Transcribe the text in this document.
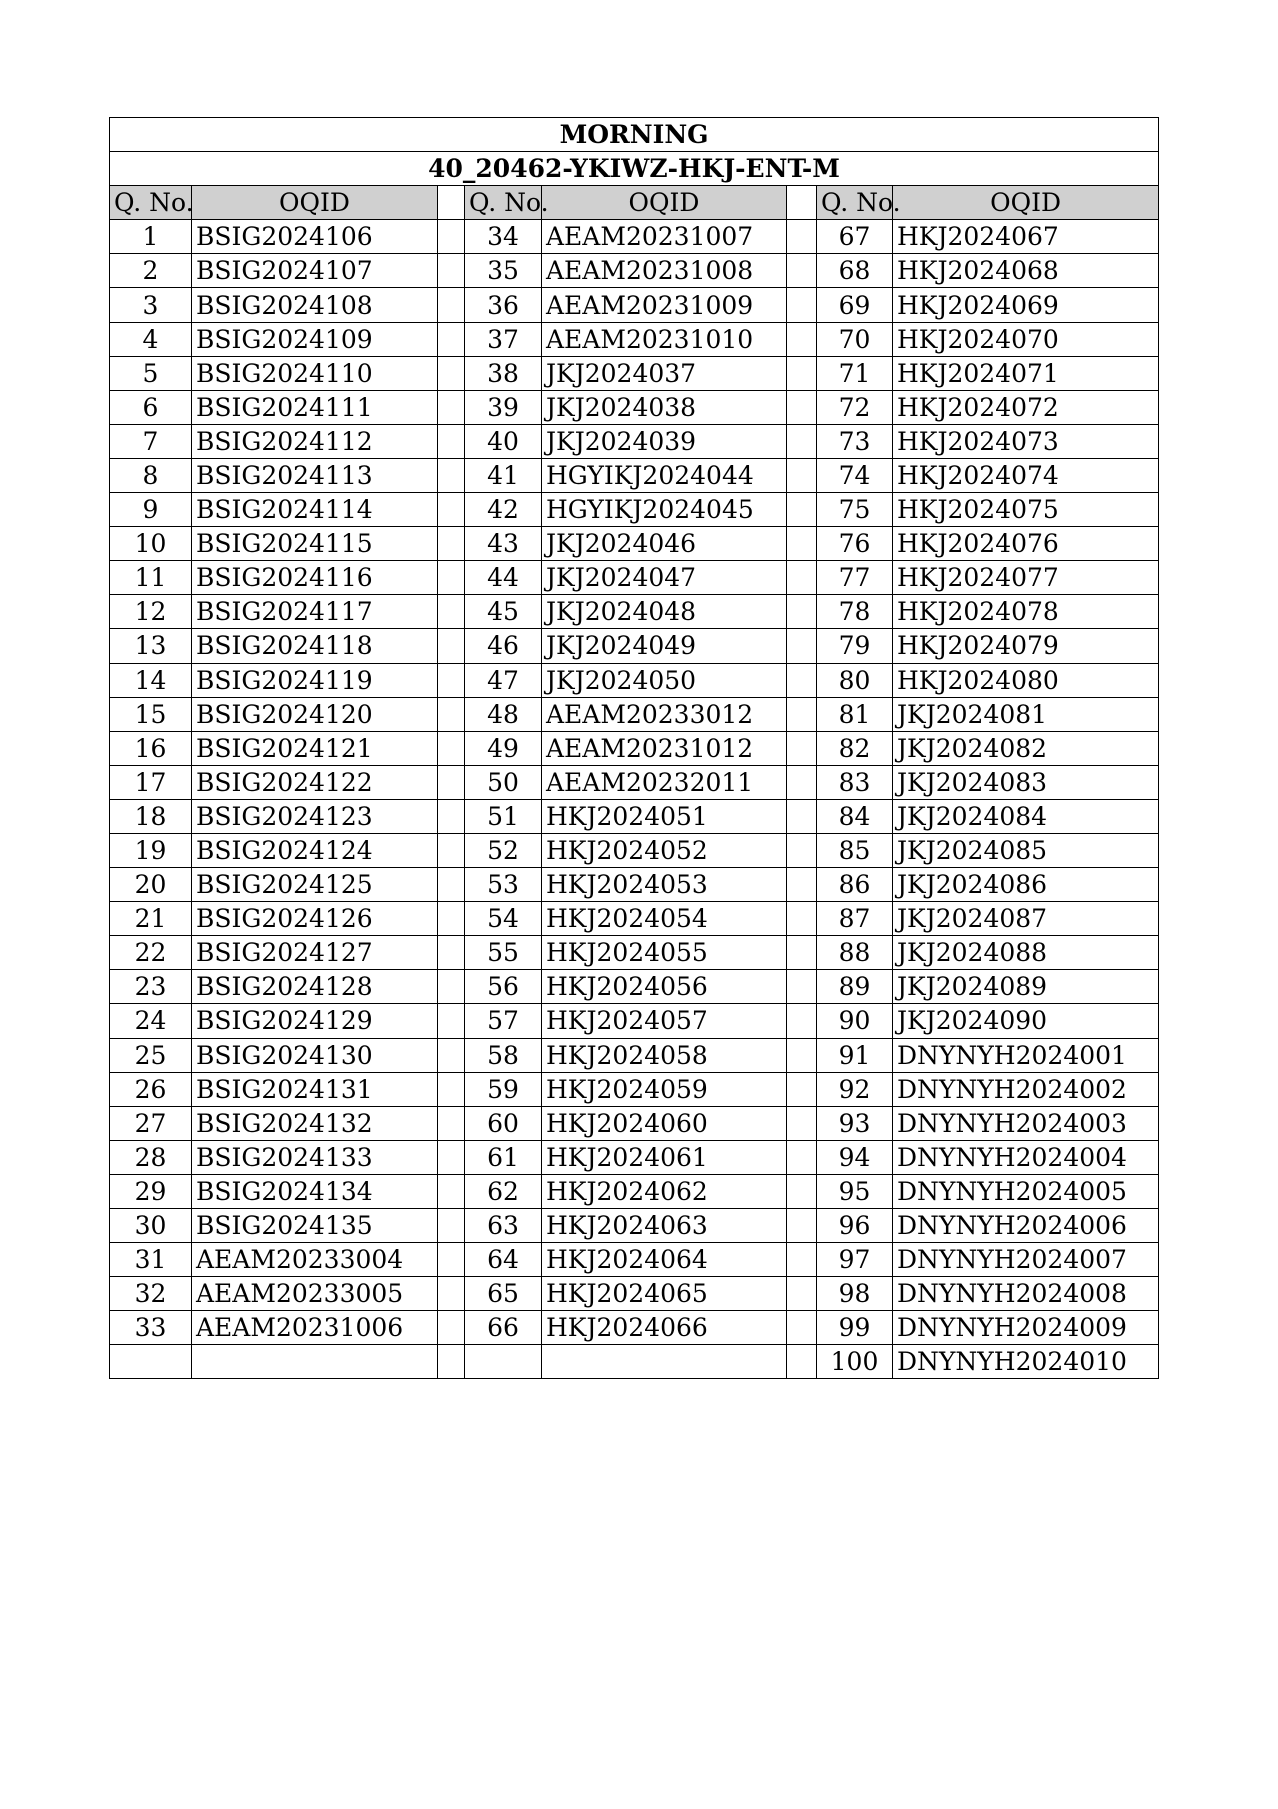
MORNING							
40_20462-YKIWZ-HKJ-ENT-M							
Q. No.	OQID		Q. No.	OQID		Q. No.	OQID
1	BSIG2024106		34	AEAM20231007		67	HKJ2024067
2	BSIG2024107		35	AEAM20231008		68	HKJ2024068
3	BSIG2024108		36	AEAM20231009		69	HKJ2024069
4	BSIG2024109		37	AEAM20231010		70	HKJ2024070
5	BSIG2024110		38	JKJ2024037		71	HKJ2024071
6	BSIG2024111		39	JKJ2024038		72	HKJ2024072
7	BSIG2024112		40	JKJ2024039		73	HKJ2024073
8	BSIG2024113		41	HGYIKJ2024044		74	HKJ2024074
9	BSIG2024114		42	HGYIKJ2024045		75	HKJ2024075
10	BSIG2024115		43	JKJ2024046		76	HKJ2024076
11	BSIG2024116		44	JKJ2024047		77	HKJ2024077
12	BSIG2024117		45	JKJ2024048		78	HKJ2024078
13	BSIG2024118		46	JKJ2024049		79	HKJ2024079
14	BSIG2024119		47	JKJ2024050		80	HKJ2024080
15	BSIG2024120		48	AEAM20233012		81	JKJ2024081
16	BSIG2024121		49	AEAM20231012		82	JKJ2024082
17	BSIG2024122		50	AEAM20232011		83	JKJ2024083
18	BSIG2024123		51	HKJ2024051		84	JKJ2024084
19	BSIG2024124		52	HKJ2024052		85	JKJ2024085
20	BSIG2024125		53	HKJ2024053		86	JKJ2024086
21	BSIG2024126		54	HKJ2024054		87	JKJ2024087
22	BSIG2024127		55	HKJ2024055		88	JKJ2024088
23	BSIG2024128		56	HKJ2024056		89	JKJ2024089
24	BSIG2024129		57	HKJ2024057		90	JKJ2024090
25	BSIG2024130		58	HKJ2024058		91	DNYNYH2024001
26	BSIG2024131		59	HKJ2024059		92	DNYNYH2024002
27	BSIG2024132		60	HKJ2024060		93	DNYNYH2024003
28	BSIG2024133		61	HKJ2024061		94	DNYNYH2024004
29	BSIG2024134		62	HKJ2024062		95	DNYNYH2024005
30	BSIG2024135		63	HKJ2024063		96	DNYNYH2024006
31	AEAM20233004		64	HKJ2024064		97	DNYNYH2024007
32	AEAM20233005		65	HKJ2024065		98	DNYNYH2024008
33	AEAM20231006		66	HKJ2024066		99	DNYNYH2024009
						100	DNYNYH2024010
